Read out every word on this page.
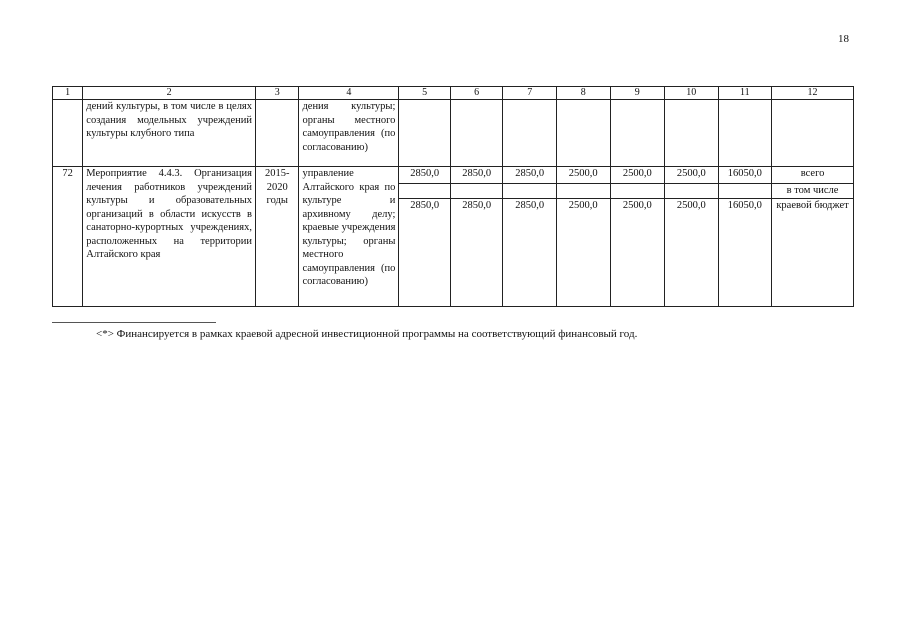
18
1	2	3	4	5	6	7	8	9	10	11	12
	дений культуры, в том числе в целях создания модельных учреждений культуры клубного типа		дения культуры; органы местного самоуправления (по согласованию)								
72	Мероприятие 4.4.3. Организация лечения работников учреждений культуры и образовательных организаций в области искусств в санаторно-курортных учреждениях, расположенных на территории Алтайского края	2015-2020 годы	управление Алтайского края по культуре и архивному делу; краевые учреждения культуры; органы местного самоуправления (по согласованию)	2850,0	2850,0	2850,0	2500,0	2500,0	2500,0	16050,0	всего
											в том числе
				2850,0	2850,0	2850,0	2500,0	2500,0	2500,0	16050,0	краевой бюджет
<*> Финансируется в рамках краевой адресной инвестиционной программы на соответствующий финансовый год.
